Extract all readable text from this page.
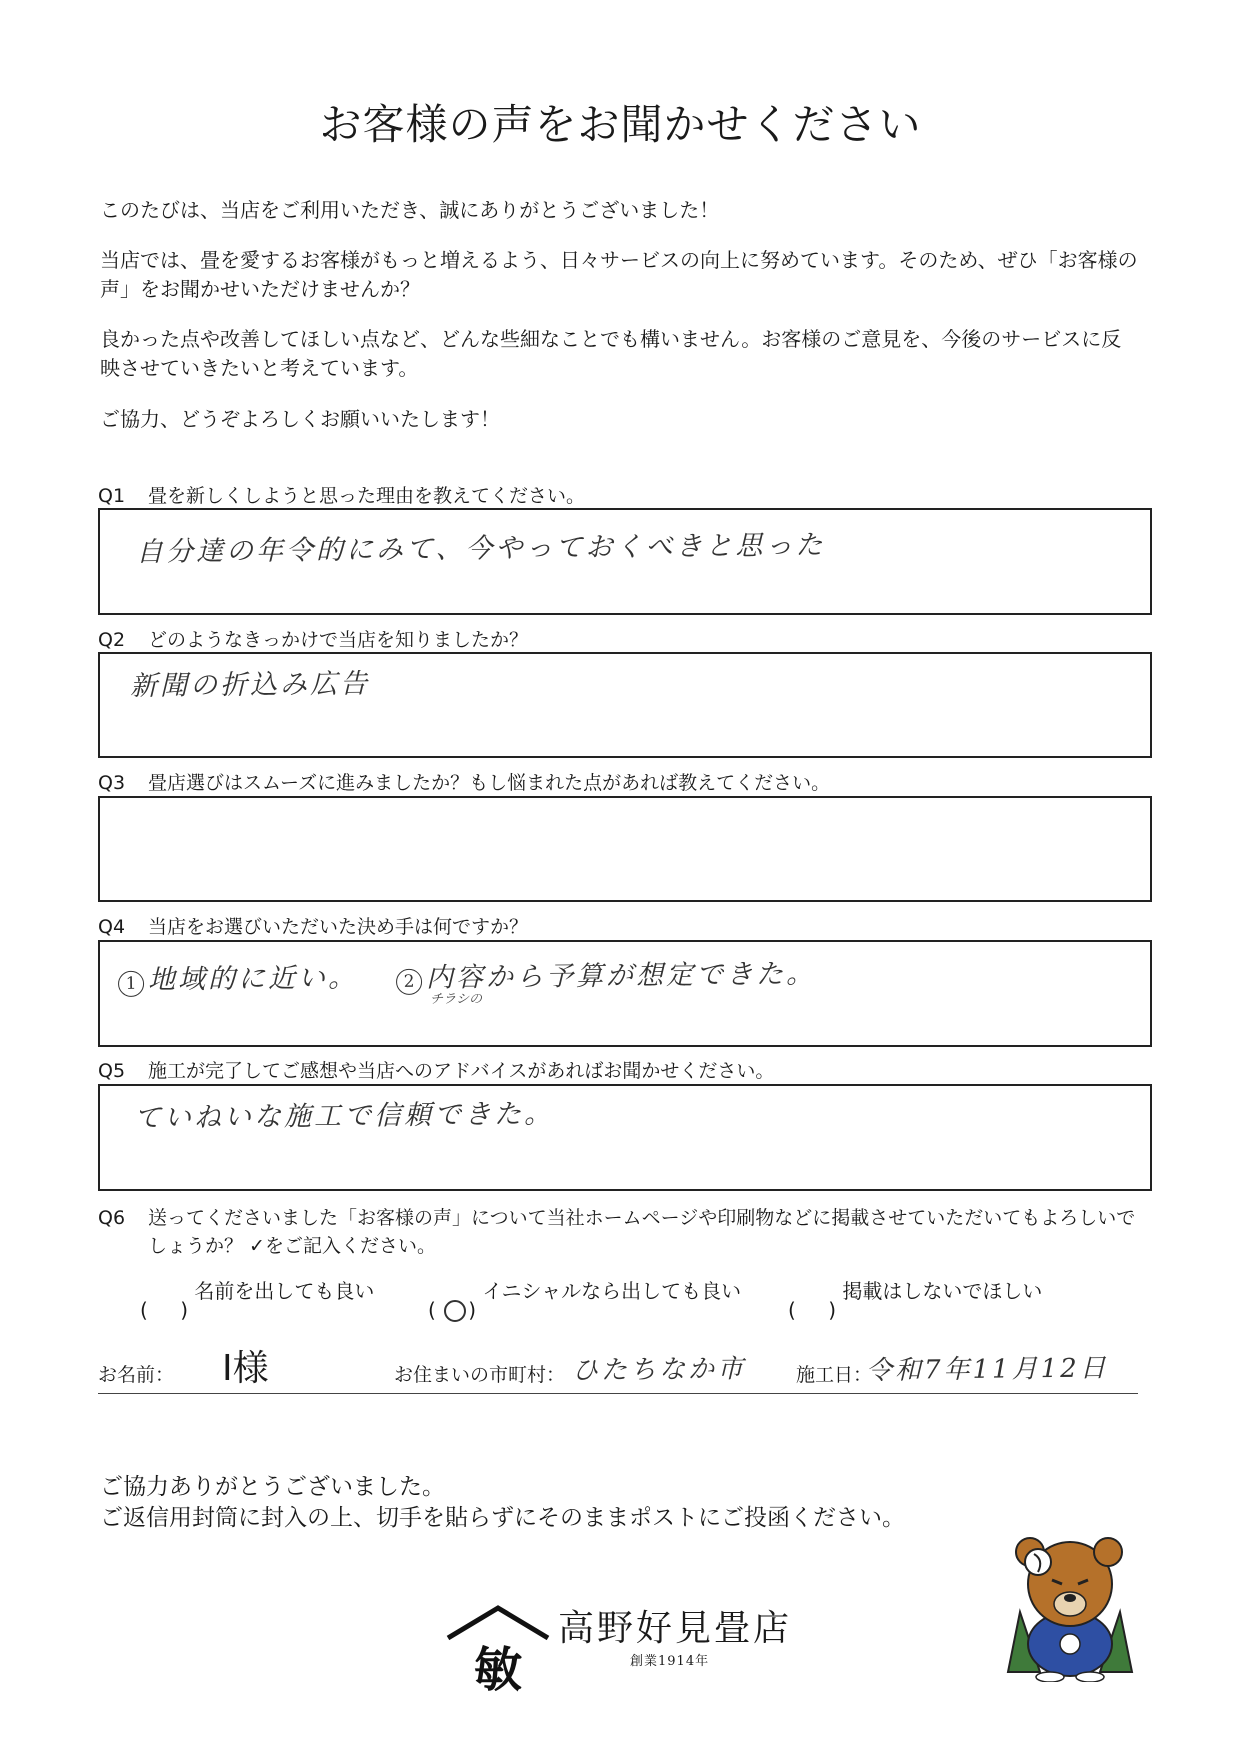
お客様の声をお聞かせください
このたびは、当店をご利用いただき、誠にありがとうございました！
当店では、畳を愛するお客様がもっと増えるよう、日々サービスの向上に努めています。そのため、ぜひ「お客様の声」をお聞かせいただけませんか？
良かった点や改善してほしい点など、どんな些細なことでも構いません。お客様のご意見を、今後のサービスに反映させていきたいと考えています。
ご協力、どうぞよろしくお願いいたします！
Q1 畳を新しくしようと思った理由を教えてください。
自分達の年令的にみて、今やっておくべきと思った
Q2 どのようなきっかけで当店を知りましたか？
新聞の折込み広告
Q3 畳店選びはスムーズに進みましたか？もし悩まれた点があれば教えてください。
Q4 当店をお選びいただいた決め手は何ですか？
1 地域的に近い。	2 内容から予算が想定できた。
チラシの
Q5 施工が完了してご感想や当店へのアドバイスがあればお聞かせください。
ていねいな施工で信頼できた。
Q6 送ってくださいました「お客様の声」について当社ホームページや印刷物などに掲載させていただいてもよろしいでしょうか？ ✓をご記入ください。
( )
名前を出しても良い
( ○ )
イニシャルなら出しても良い
( )
掲載はしないでほしい
お名前： I様	お住まいの市町村： ひたちなか市	施工日：
令和7年11月12日
ご協力ありがとうございました。
ご返信用封筒に封入の上、切手を貼らずにそのままポストにご投函ください。
敏
高野好見畳店
創業1914年
